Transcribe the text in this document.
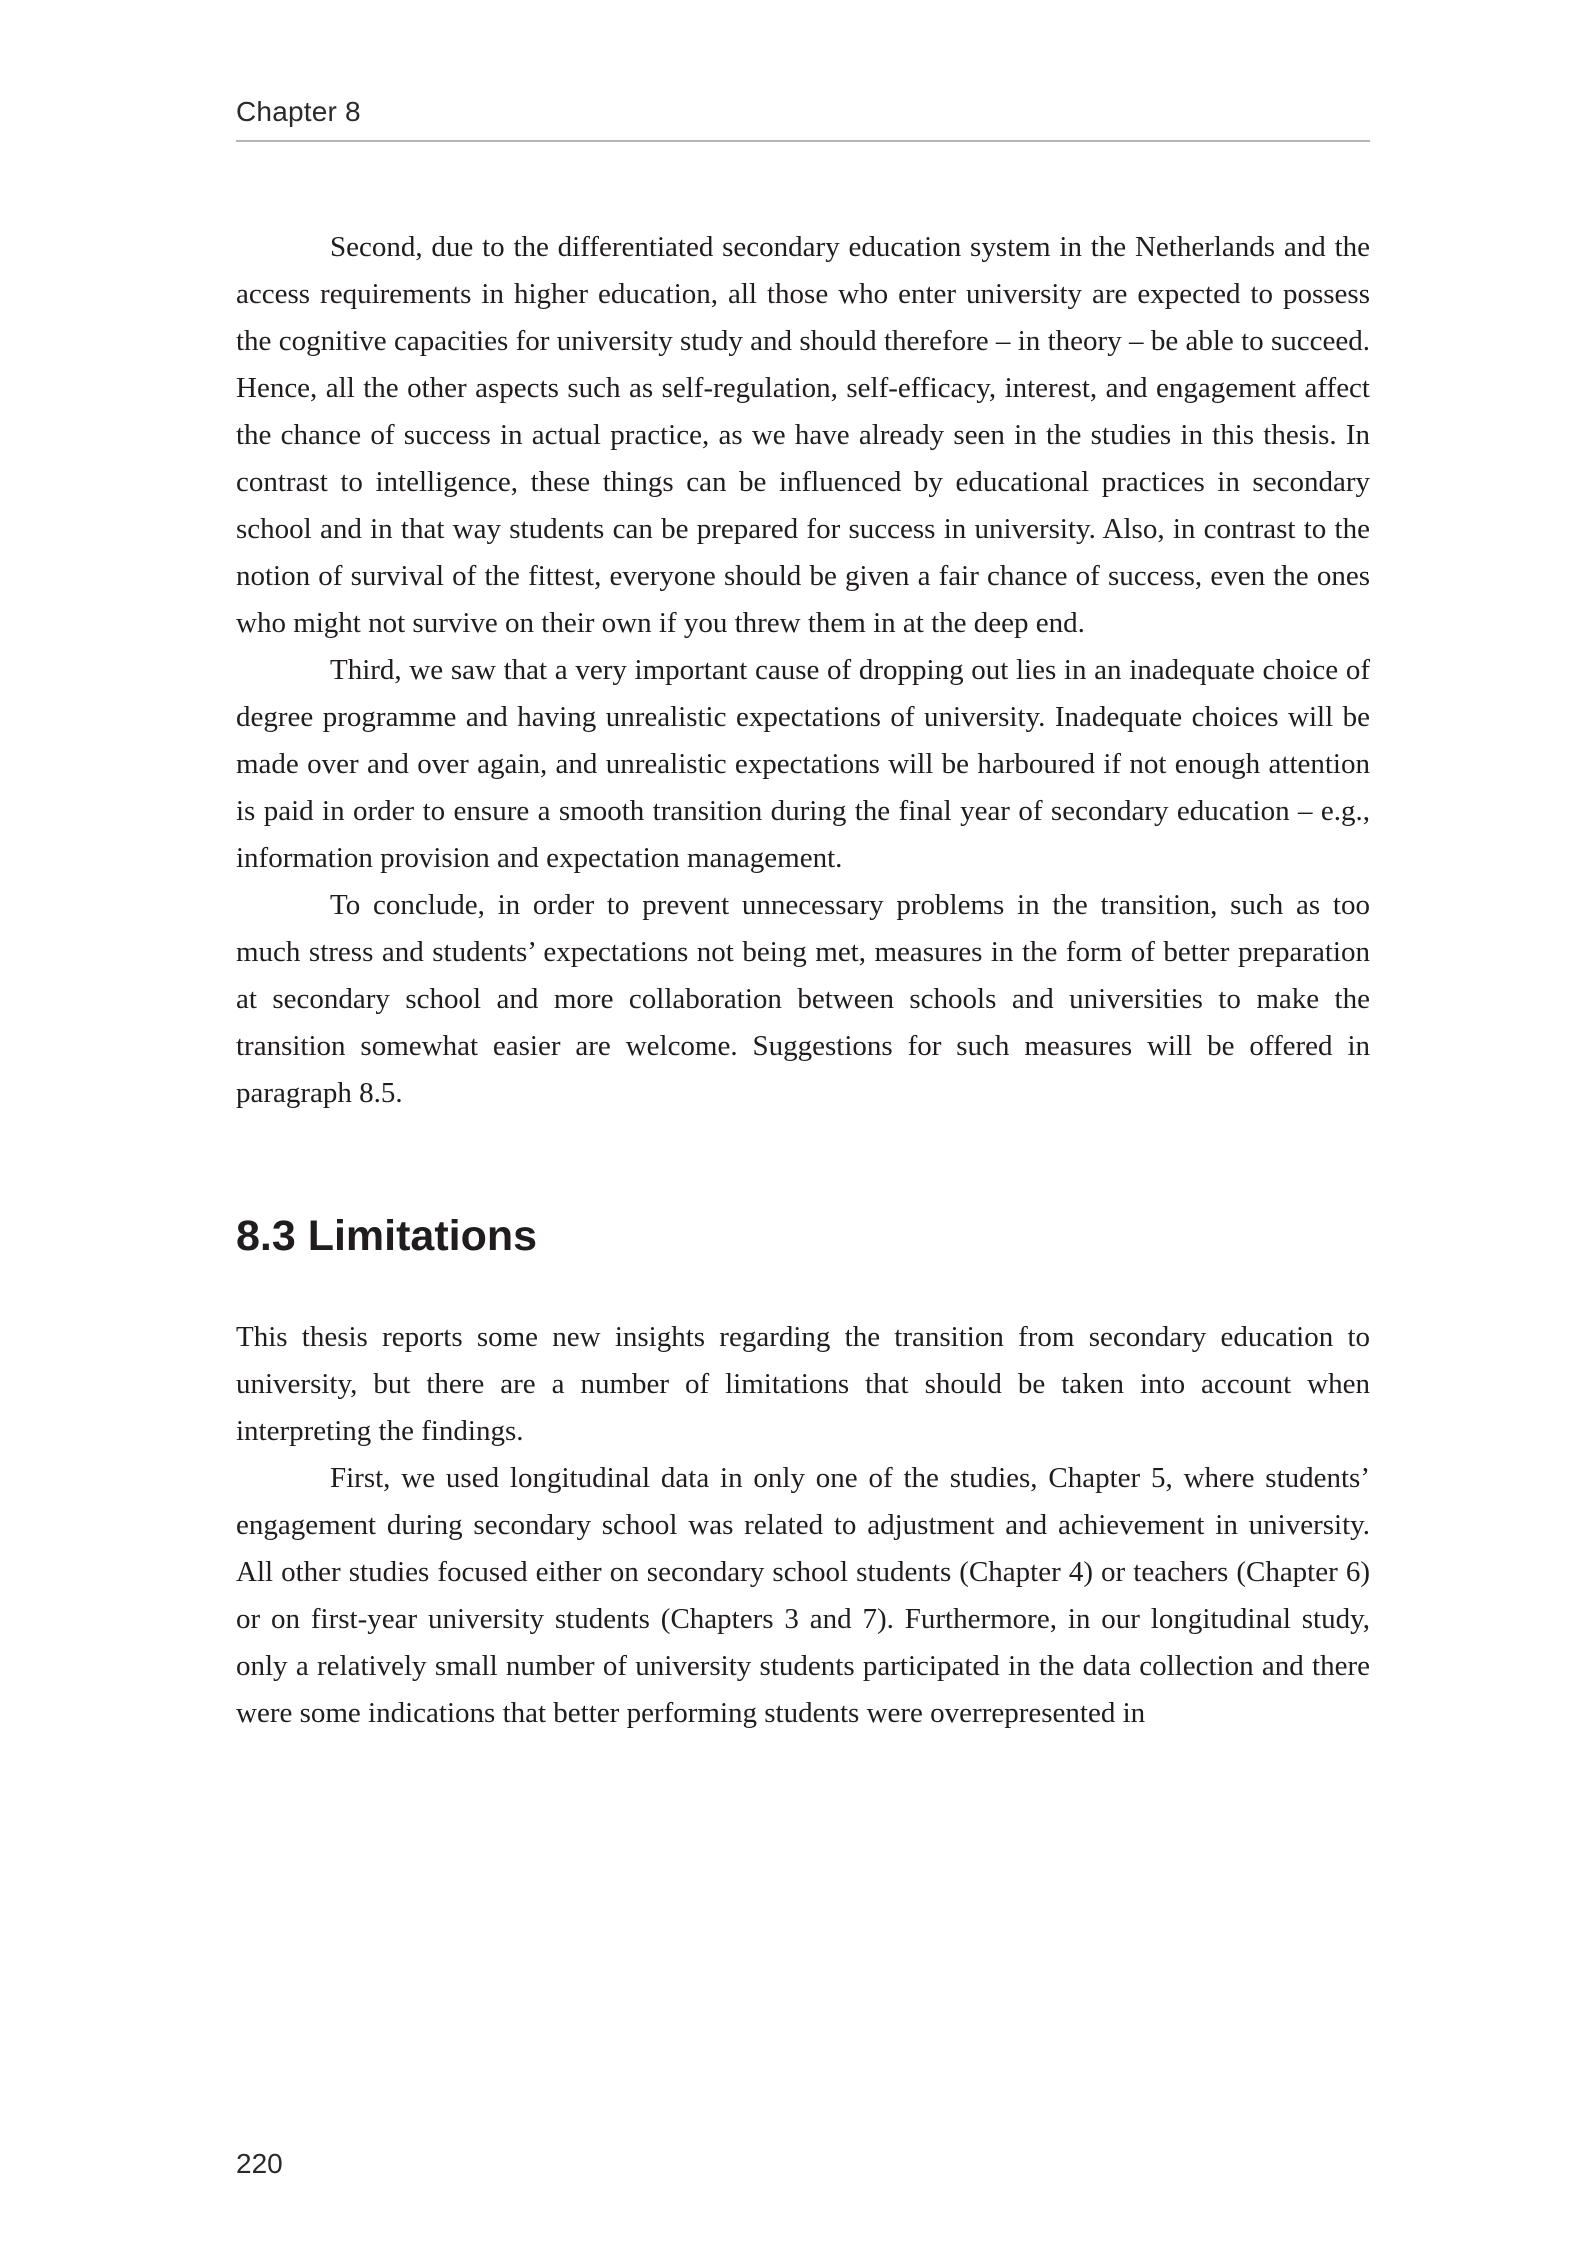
Chapter 8

Second, due to the differentiated secondary education system in the Netherlands and the access requirements in higher education, all those who enter university are expected to possess the cognitive capacities for university study and should therefore – in theory – be able to succeed. Hence, all the other aspects such as self-regulation, self-efficacy, interest, and engagement affect the chance of success in actual practice, as we have already seen in the studies in this thesis. In contrast to intelligence, these things can be influenced by educational practices in secondary school and in that way students can be prepared for success in university. Also, in contrast to the notion of survival of the fittest, everyone should be given a fair chance of success, even the ones who might not survive on their own if you threw them in at the deep end.

Third, we saw that a very important cause of dropping out lies in an inadequate choice of degree programme and having unrealistic expectations of university. Inadequate choices will be made over and over again, and unrealistic expectations will be harboured if not enough attention is paid in order to ensure a smooth transition during the final year of secondary education – e.g., information provision and expectation management.

To conclude, in order to prevent unnecessary problems in the transition, such as too much stress and students’ expectations not being met, measures in the form of better preparation at secondary school and more collaboration between schools and universities to make the transition somewhat easier are welcome. Suggestions for such measures will be offered in paragraph 8.5.

8.3 Limitations

This thesis reports some new insights regarding the transition from secondary education to university, but there are a number of limitations that should be taken into account when interpreting the findings.

First, we used longitudinal data in only one of the studies, Chapter 5, where students’ engagement during secondary school was related to adjustment and achievement in university. All other studies focused either on secondary school students (Chapter 4) or teachers (Chapter 6) or on first-year university students (Chapters 3 and 7). Furthermore, in our longitudinal study, only a relatively small number of university students participated in the data collection and there were some indications that better performing students were overrepresented in

220
